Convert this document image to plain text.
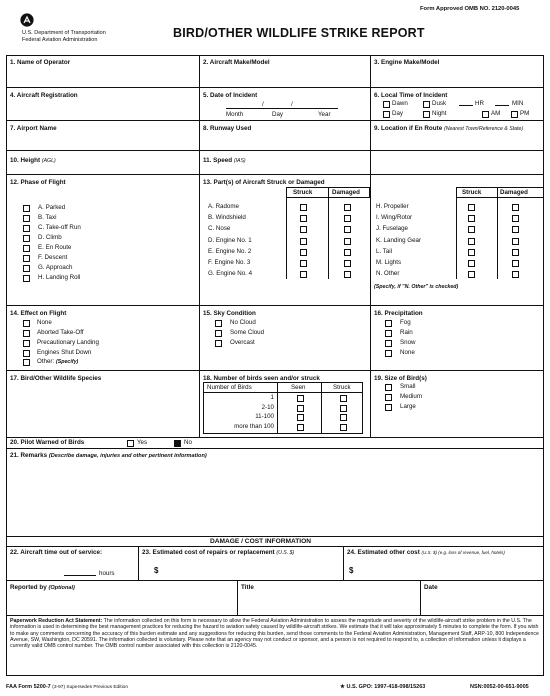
Form Approved OMB NO. 2120-0045
U.S. Department of Transportation
Federal Aviation Administration	BIRD/OTHER WILDLIFE STRIKE REPORT
1. Name of Operator	2. Aircraft Make/Model	3. Engine Make/Model
4. Aircraft Registration	5. Date of Incident
/	/
Month	Day	Year
6. Local Time of Incident
Dawn	Dusk	HR	MIN
Day	Night	AM	PM
7. Airport Name	8. Runway Used	9. Location if En Route (Nearest Town/Reference & State)
10. Height (AGL)	11. Speed (IAS)
12. Phase of Flight	13. Part(s) of Aircraft Struck or Damaged
Struck	Damaged	Struck	Damaged
(Specify, if "N. Other" is checked)
14. Effect on Flight
Other: (Specify)
15. Sky Condition	16. Precipitation
17. Bird/Other Wildlife Species	18. Number of birds seen and/or struck
Number of Birds	Seen	Struck
19. Size of Bird(s)
20. Pilot Warned of Birds	Yes	No
21. Remarks (Describe damage, injuries and other pertinent information)
DAMAGE / COST INFORMATION
22. Aircraft time out of service:
hours
23. Estimated cost of repairs or replacement (U.S. $)
$
24. Estimated other cost (U.S. $) (e.g. loss of revenue, fuel, hotels)
$
Reported by (Optional)	Title	Date
Paperwork Reduction Act Statement: The information collected on this form is necessary to allow the Federal Aviation Administration to assess the magnitude and severity of the wildlife-aircraft strike problem in the U.S. The information is used in determining the best management practices for reducing the hazard to aviation safety caused by wildlife-aircraft strikes. We estimate that it will take approximately 5 minutes to complete the form. If you wish to make any comments concerning the accuracy of this burden estimate and any suggestions for reducing this burden, send those comments to the Federal Aviation Administration, Management Staff, ARP-10, 800 Independence Avenue, SW, Washington, DC 20591. The information collected is voluntary. Please note that an agency may not conduct or sponsor, and a person is not required to respond to, a collection of information unless it displays a currently valid OMB control number. The OMB control number associated with this collection is 2120-0045.
FAA Form 5200-7 (3-97) Supersedes Previous Edition	★ U.S. GPO: 1997-418-098/15263	NSN:0052-00-651-9005
A. Parked
B. Taxi
C. Take-off Run
D. Climb
E. En Route
F. Descent
G. Approach
H. Landing Roll
A. Radome
B. Windshield
C. Nose
D. Engine No. 1
E. Engine No. 2
F. Engine No. 3
G. Engine No. 4
H. Propeller
I. Wing/Rotor
J. Fuselage
K. Landing Gear
L. Tail
M. Lights
N. Other
None
Aborted Take-Off
Precautionary Landing
Engines Shut Down
No Cloud
Some Cloud
Overcast
Fog
Rain
Snow
None
1
2-10
11-100
more than 100
Small
Medium
Large
